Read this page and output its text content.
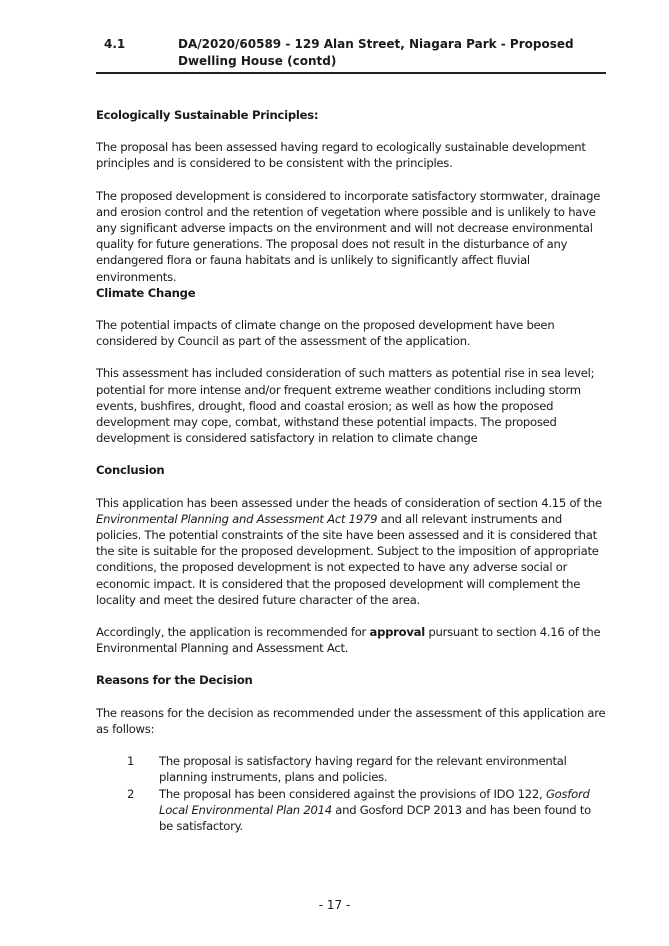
4.1	DA/2020/60589 - 129 Alan Street, Niagara Park - Proposed Dwelling House (contd)

Ecologically Sustainable Principles:

The proposal has been assessed having regard to ecologically sustainable development principles and is considered to be consistent with the principles.

The proposed development is considered to incorporate satisfactory stormwater, drainage and erosion control and the retention of vegetation where possible and is unlikely to have any significant adverse impacts on the environment and will not decrease environmental quality for future generations. The proposal does not result in the disturbance of any endangered flora or fauna habitats and is unlikely to significantly affect fluvial environments.

Climate Change

The potential impacts of climate change on the proposed development have been considered by Council as part of the assessment of the application.

This assessment has included consideration of such matters as potential rise in sea level; potential for more intense and/or frequent extreme weather conditions including storm events, bushfires, drought, flood and coastal erosion; as well as how the proposed development may cope, combat, withstand these potential impacts. The proposed development is considered satisfactory in relation to climate change

Conclusion

This application has been assessed under the heads of consideration of section 4.15 of the Environmental Planning and Assessment Act 1979 and all relevant instruments and policies. The potential constraints of the site have been assessed and it is considered that the site is suitable for the proposed development. Subject to the imposition of appropriate conditions, the proposed development is not expected to have any adverse social or economic impact. It is considered that the proposed development will complement the locality and meet the desired future character of the area.

Accordingly, the application is recommended for approval pursuant to section 4.16 of the Environmental Planning and Assessment Act.

Reasons for the Decision

The reasons for the decision as recommended under the assessment of this application are as follows:

1 The proposal is satisfactory having regard for the relevant environmental planning instruments, plans and policies.

2 The proposal has been considered against the provisions of IDO 122, Gosford Local Environmental Plan 2014 and Gosford DCP 2013 and has been found to be satisfactory.

- 17 -
